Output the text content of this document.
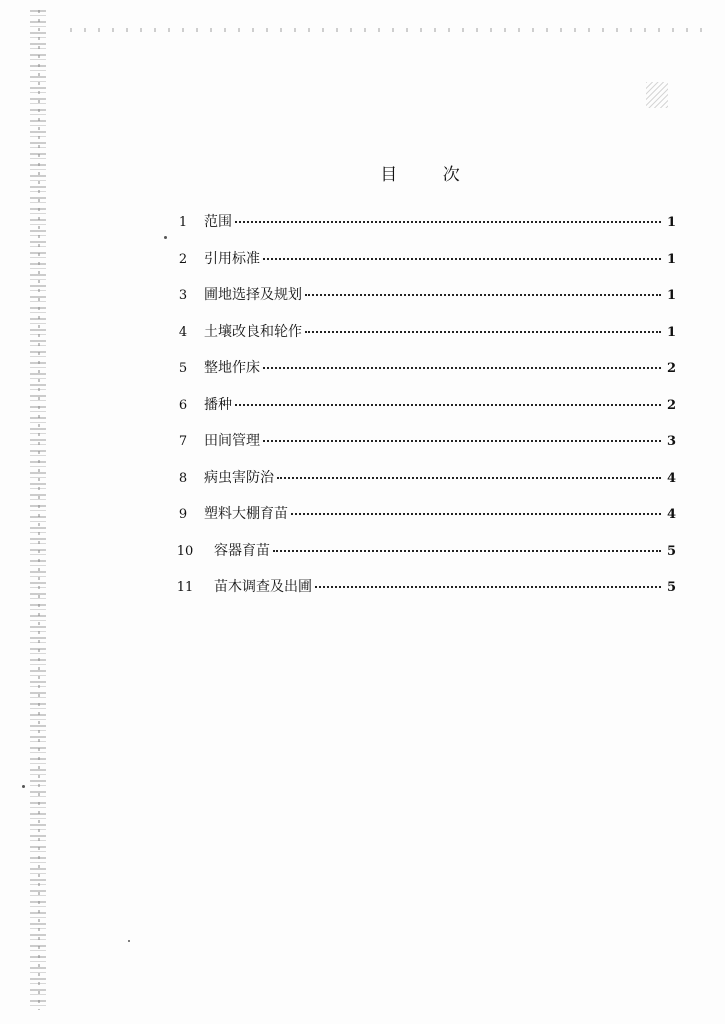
目 次
1	范围	1
2	引用标准	1
3	圃地选择及规划	1
4	土壤改良和轮作	1
5	整地作床	2
6	播种	2
7	田间管理	3
8	病虫害防治	4
9	塑料大棚育苗	4
10	容器育苗	5
11	苗木调查及出圃	5
